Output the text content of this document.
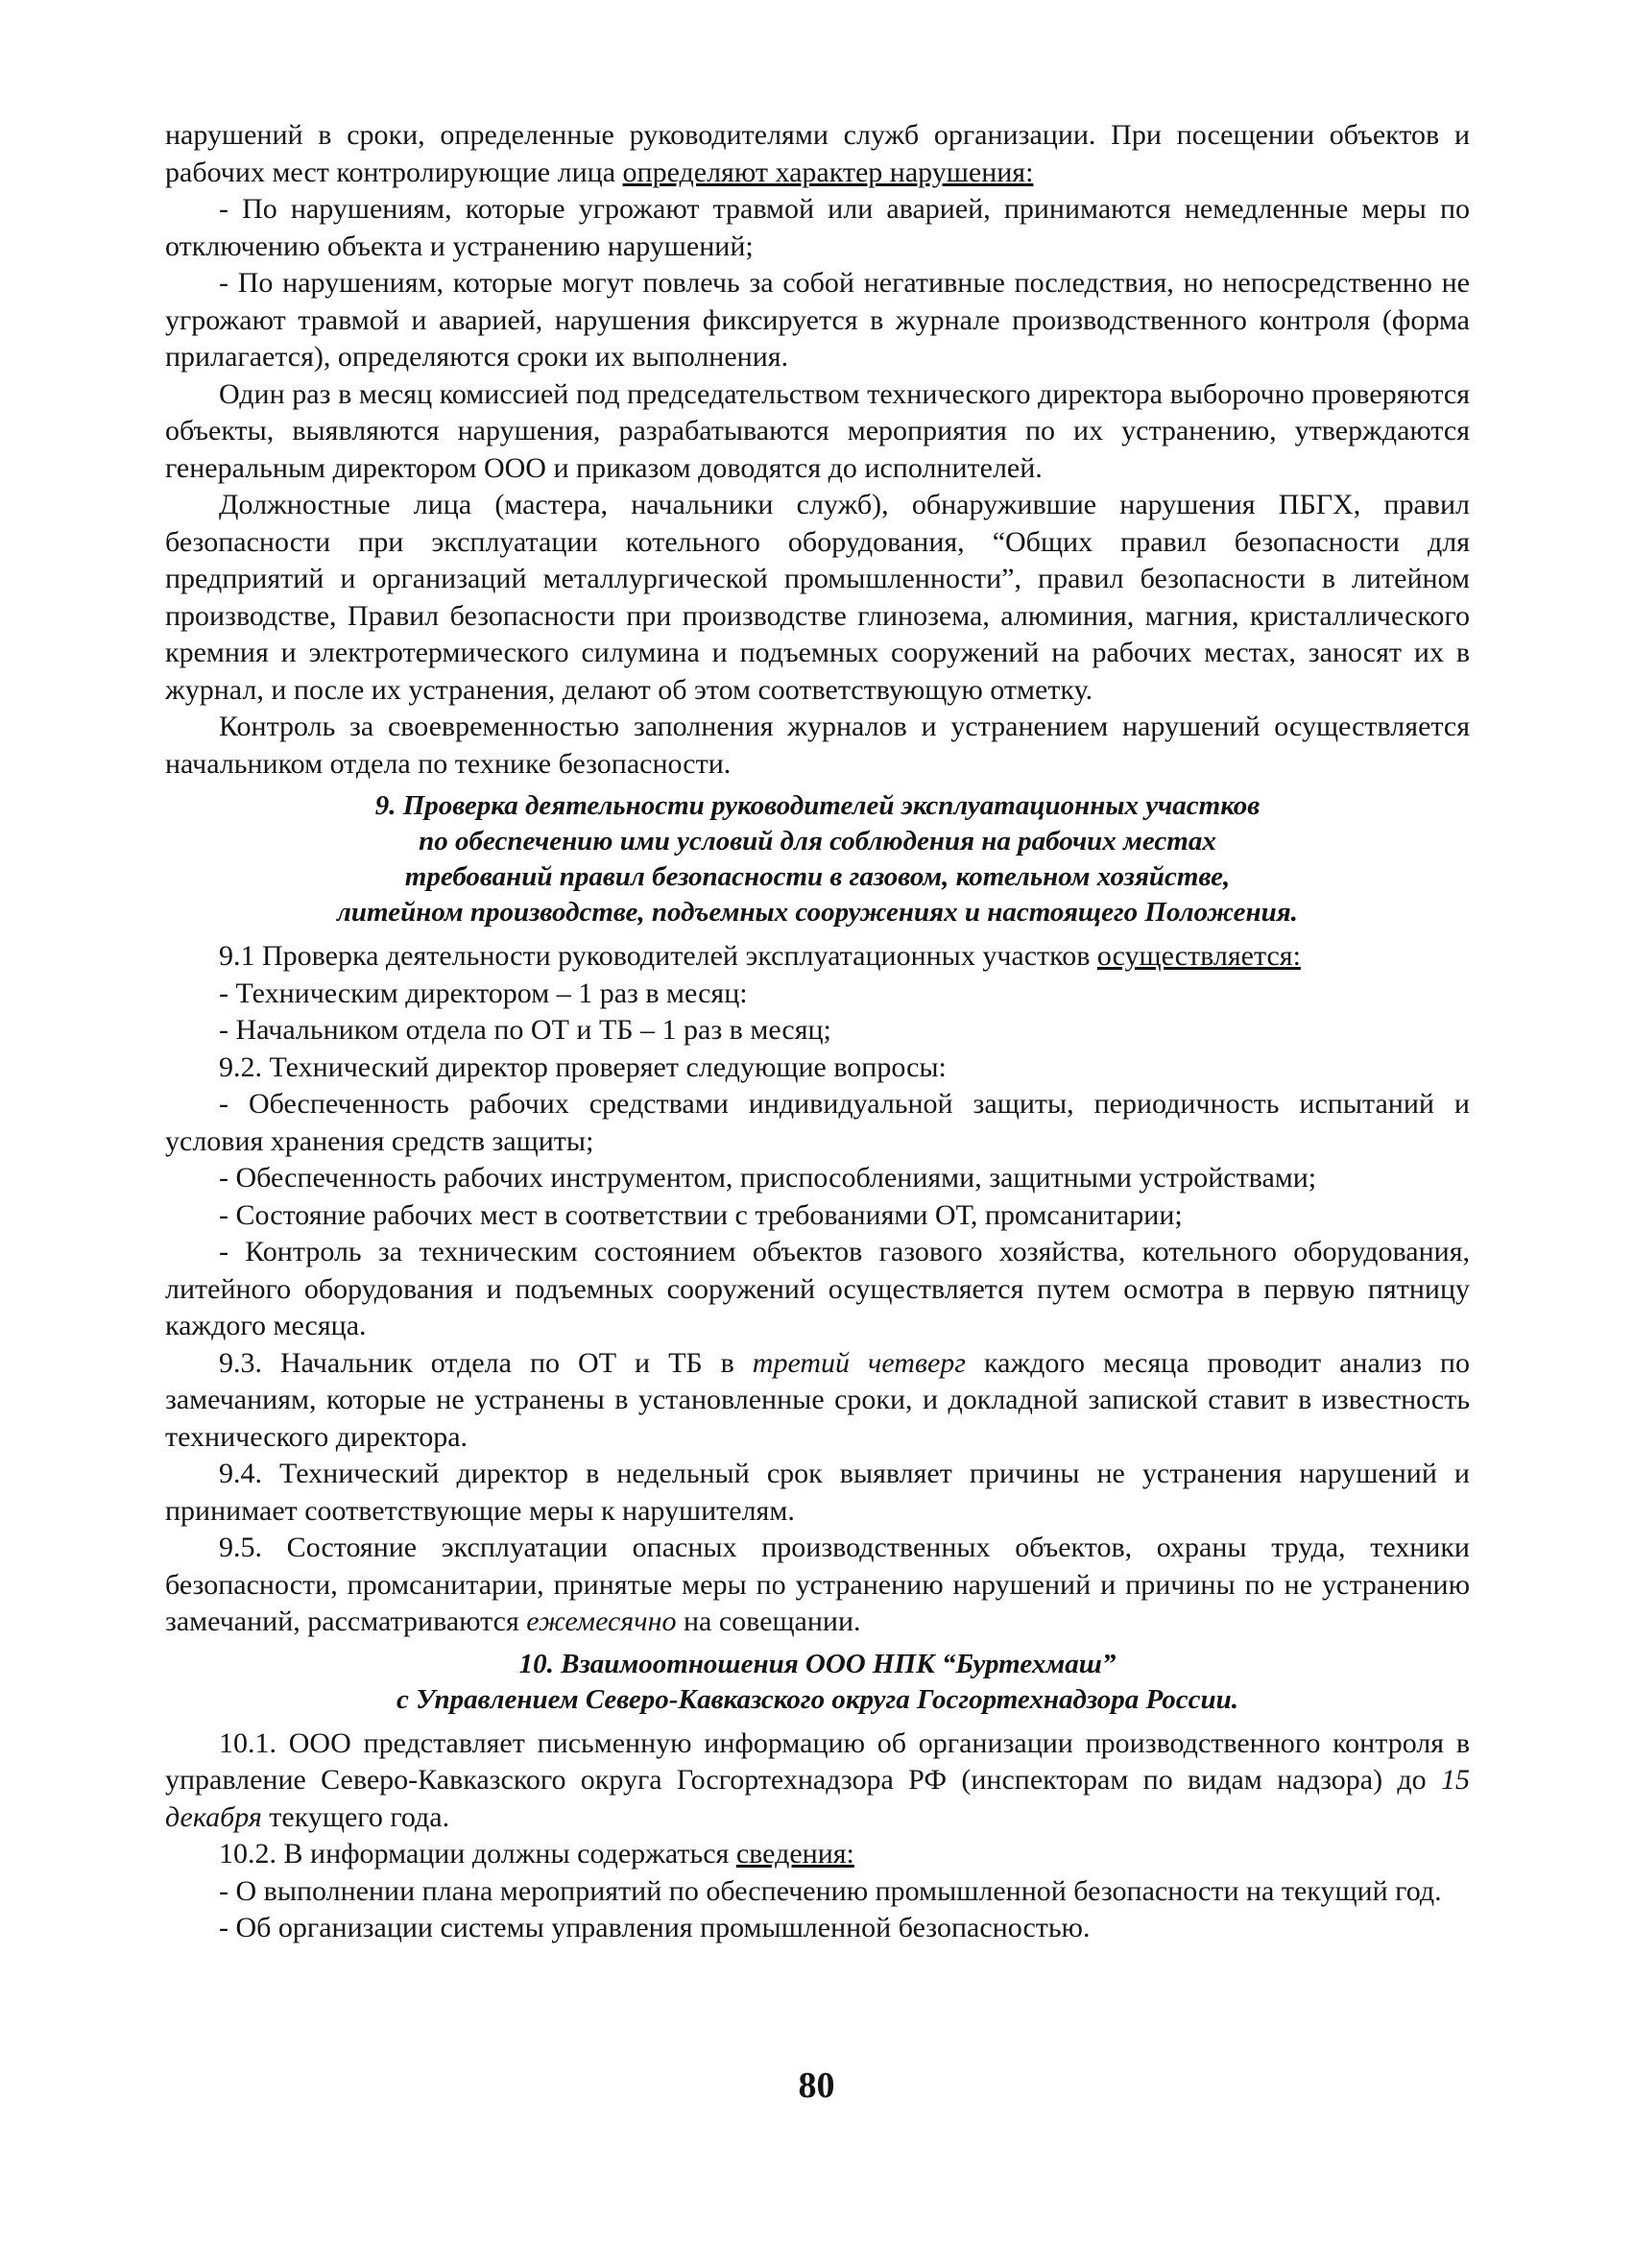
нарушений в сроки, определенные руководителями служб организации. При посещении объектов и рабочих мест контролирующие лица определяют характер нарушения:

- По нарушениям, которые угрожают травмой или аварией, принимаются немедленные меры по отключению объекта и устранению нарушений;

- По нарушениям, которые могут повлечь за собой негативные последствия, но непосредственно не угрожают травмой и аварией, нарушения фиксируется в журнале производственного контроля (форма прилагается), определяются сроки их выполнения.

Один раз в месяц комиссией под председательством технического директора выборочно проверяются объекты, выявляются нарушения, разрабатываются мероприятия по их устранению, утверждаются генеральным директором ООО и приказом доводятся до исполнителей.

Должностные лица (мастера, начальники служб), обнаружившие нарушения ПБГХ, правил безопасности при эксплуатации котельного оборудования, “Общих правил безопасности для предприятий и организаций металлургической промышленности”, правил безопасности в литейном производстве, Правил безопасности при производстве глинозема, алюминия, магния, кристаллического кремния и электротермического силумина и подъемных сооружений на рабочих местах, заносят их в журнал, и после их устранения, делают об этом соответствующую отметку.

Контроль за своевременностью заполнения журналов и устранением нарушений осуществляется начальником отдела по технике безопасности.

9. Проверка деятельности руководителей эксплуатационных участков
по обеспечению ими условий для соблюдения на рабочих местах
требований правил безопасности в газовом, котельном хозяйстве,
литейном производстве, подъемных сооружениях и настоящего Положения.

9.1 Проверка деятельности руководителей эксплуатационных участков осуществляется:

- Техническим директором – 1 раз в месяц:

- Начальником отдела по ОТ и ТБ – 1 раз в месяц;

9.2. Технический директор проверяет следующие вопросы:

- Обеспеченность рабочих средствами индивидуальной защиты, периодичность испытаний и условия хранения средств защиты;

- Обеспеченность рабочих инструментом, приспособлениями, защитными устройствами;

- Состояние рабочих мест в соответствии с требованиями ОТ, промсанитарии;

- Контроль за техническим состоянием объектов газового хозяйства, котельного оборудования, литейного оборудования и подъемных сооружений осуществляется путем осмотра в первую пятницу каждого месяца.

9.3. Начальник отдела по ОТ и ТБ в третий четверг каждого месяца проводит анализ по замечаниям, которые не устранены в установленные сроки, и докладной запиской ставит в известность технического директора.

9.4. Технический директор в недельный срок выявляет причины не устранения нарушений и принимает соответствующие меры к нарушителям.

9.5. Состояние эксплуатации опасных производственных объектов, охраны труда, техники безопасности, промсанитарии, принятые меры по устранению нарушений и причины по не устранению замечаний, рассматриваются ежемесячно на совещании.

10. Взаимоотношения ООО НПК “Буртехмаш”
с Управлением Северо-Кавказского округа Госгортехнадзора России.

10.1. ООО представляет письменную информацию об организации производственного контроля в управление Северо-Кавказского округа Госгортехнадзора РФ (инспекторам по видам надзора) до 15 декабря текущего года.

10.2. В информации должны содержаться сведения:

- О выполнении плана мероприятий по обеспечению промышленной безопасности на текущий год.

- Об организации системы управления промышленной безопасностью.

80
